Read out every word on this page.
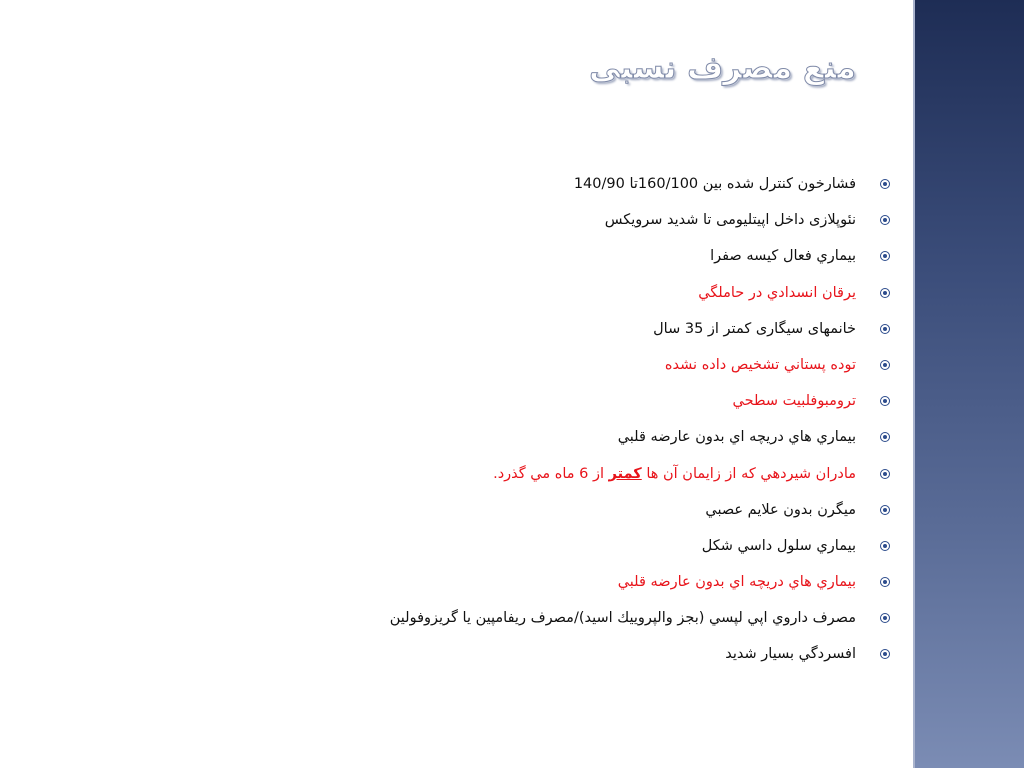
منع مصرف نسبی
فشارخون کنترل شده بین 160/100تا 140/90
نئوپلازی داخل اپیتلیومی تا شدید سرویکس
بيماري فعال كيسه صفرا
يرقان انسدادي در حاملگي
خانمهای سیگاری کمتر از 35 سال
توده پستاني تشخيص داده نشده
ترومبوفلبيت سطحي
بيماري هاي دريچه اي بدون عارضه قلبي
مادران شيردهي كه از زايمان آن ها كمتر از 6 ماه مي گذرد.
ميگرن بدون علايم عصبي
بيماري سلول داسي شكل
بيماري هاي دريچه اي بدون عارضه قلبي
مصرف داروي اپي لپسي (بجز والپروييك اسيد)/مصرف ريفامپين يا گريزوفولين
افسردگي بسيار شديد
